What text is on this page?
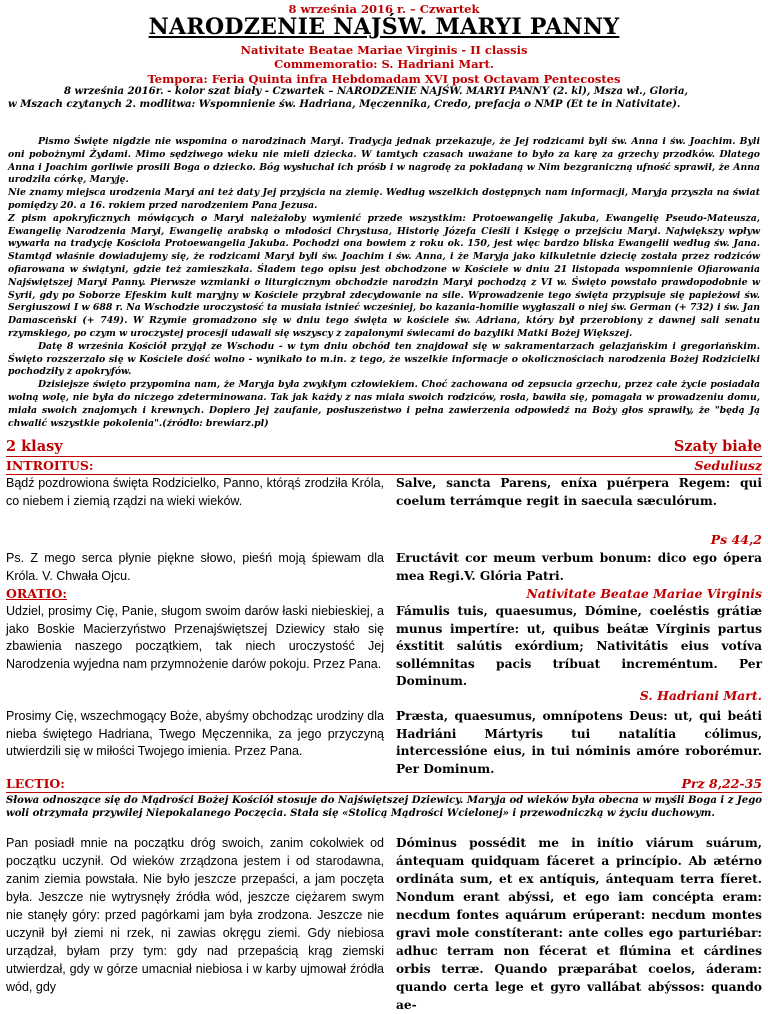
8 września 2016 r. – Czwartek
NARODZENIE NAJŚW. MARYI PANNY
Nativitate Beatae Mariae Virginis - II classis
Commemoratio: S. Hadriani Mart.
Tempora: Feria Quinta infra Hebdomadam XVI post Octavam Pentecostes

8 września 2016r. - kolor szat biały - Czwartek – NARODZENIE NAJŚW. MARYI PANNY (2. kl), Msza wł., Gloria,

w Mszach czytanych 2. modlitwa: Wspomnienie św. Hadriana, Męczennika, Credo, prefacja o NMP (Et te in Nativitate).

Pismo Święte nigdzie nie wspomina o narodzinach Maryi. Tradycja jednak przekazuje, że Jej rodzicami byli św. Anna i św. Joachim. Byli oni pobożnymi Żydami. Mimo sędziwego wieku nie mieli dziecka. W tamtych czasach uważane to było za karę za grzechy przodków. Dlatego Anna i Joachim gorliwie prosili Boga o dziecko. Bóg wysłuchał ich próśb i w nagrodę za pokładaną w Nim bezgraniczną ufność sprawił, że Anna urodziła córkę, Maryję.

Nie znamy miejsca urodzenia Maryi ani też daty Jej przyjścia na ziemię. Według wszelkich dostępnych nam informacji, Maryja przyszła na świat pomiędzy 20. a 16. rokiem przed narodzeniem Pana Jezusa.

Z pism apokryficznych mówiących o Maryi należałoby wymienić przede wszystkim: Protoewangelię Jakuba, Ewangelię Pseudo-Mateusza, Ewangelię Narodzenia Maryi, Ewangelię arabską o młodości Chrystusa, Historię Józefa Cieśli i Księgę o przejściu Maryi. Największy wpływ wywarła na tradycję Kościoła Protoewangelia Jakuba. Pochodzi ona bowiem z roku ok. 150, jest więc bardzo bliska Ewangelii według św. Jana. Stamtąd właśnie dowiadujemy się, że rodzicami Maryi byli św. Joachim i św. Anna, i że Maryja jako kilkuletnie dziecię została przez rodziców ofiarowana w świątyni, gdzie też zamieszkała. Śladem tego opisu jest obchodzone w Kościele w dniu 21 listopada wspomnienie Ofiarowania Najświętszej Maryi Panny. Pierwsze wzmianki o liturgicznym obchodzie narodzin Maryi pochodzą z VI w. Święto powstało prawdopodobnie w Syrii, gdy po Soborze Efeskim kult maryjny w Kościele przybrał zdecydowanie na sile. Wprowadzenie tego święta przypisuje się papieżowi św. Sergiuszowi I w 688 r. Na Wschodzie uroczystość ta musiała istnieć wcześniej, bo kazania-homilie wygłaszali o niej św. German (+ 732) i św. Jan Damasceński (+ 749). W Rzymie gromadzono się w dniu tego święta w kościele św. Adriana, który był przerobiony z dawnej sali senatu rzymskiego, po czym w uroczystej procesji udawali się wszyscy z zapalonymi świecami do bazyliki Matki Bożej Większej.

Datę 8 września Kościół przyjął ze Wschodu - w tym dniu obchód ten znajdował się w sakramentarzach gelazjańskim i gregoriańskim. Święto rozszerzało się w Kościele dość wolno - wynikało to m.in. z tego, że wszelkie informacje o okolicznościach narodzenia Bożej Rodzicielki pochodziły z apokryfów.

Dzisiejsze święto przypomina nam, że Maryja była zwykłym człowiekiem. Choć zachowana od zepsucia grzechu, przez całe życie posiadała wolną wolę, nie była do niczego zdeterminowana. Tak jak każdy z nas miała swoich rodziców, rosła, bawiła się, pomagała w prowadzeniu domu, miała swoich znajomych i krewnych. Dopiero Jej zaufanie, posłuszeństwo i pełna zawierzenia odpowiedź na Boży głos sprawiły, że "będą Ją chwalić wszystkie pokolenia".(źródło: brewiarz.pl)

2 klasy	Szaty białe
INTROITUS:	Seduliusz
Bądź pozdrowiona święta Rodzicielko, Panno, którąś zrodziła Króla, co niebem i ziemią rządzi na wieki wieków.
Salve, sancta Parens, eníxa puérpera Regem: qui coelum terrámque regit in saecula sæculórum.
Ps 44,2
Ps. Z mego serca płynie piękne słowo, pieśń moją śpiewam dla Króla. V. Chwała Ojcu.
Eructávit cor meum verbum bonum: dico ego ópera mea Regi.V. Glória Patri.
ORATIO:	Nativitate Beatae Mariae Virginis
Udziel, prosimy Cię, Panie, sługom swoim darów łaski niebieskiej, a jako Boskie Macierzyństwo Przenajświętszej Dziewicy stało się zbawienia naszego początkiem, tak niech uroczystość Jej Narodzenia wyjedna nam przymnożenie darów pokoju. Przez Pana.
Fámulis tuis, quaesumus, Dómine, coeléstis grátiæ munus impertíre: ut, quibus beátæ Vírginis partus éxstitit salútis exórdium; Nativitátis eius votíva sollémnitas pacis tríbuat increméntum. Per Dominum.
S. Hadriani Mart.
Prosimy Cię, wszechmogący Boże, abyśmy obchodząc urodziny dla nieba świętego Hadriana, Twego Męczennika, za jego przyczyną utwierdzili się w miłości Twojego imienia. Przez Pana.
Præsta, quaesumus, omnípotens Deus: ut, qui beáti Hadriáni Mártyris tui natalítia cólimus, intercessióne eius, in tui nóminis amóre roborémur. Per Dominum.
LECTIO:	Prz 8,22-35
Słowa odnoszące się do Mądrości Bożej Kościół stosuje do Najświętszej Dziewicy. Maryja od wieków była obecna w myśli Boga i z Jego woli otrzymała przywilej Niepokalanego Poczęcia. Stała się «Stolicą Mądrości Wcielonej» i przewodniczką w życiu duchowym.
Pan posiadł mnie na początku dróg swoich, zanim cokolwiek od początku uczynił. Od wieków zrządzona jestem i od starodawna, zanim ziemia powstała. Nie było jeszcze przepaści, a jam poczęta była. Jeszcze nie wytrysnęły źródła wód, jeszcze ciężarem swym nie stanęły góry: przed pagórkami jam była zrodzona. Jeszcze nie uczynił był ziemi ni rzek, ni zawias okręgu ziemi. Gdy niebiosa urządzał, byłam przy tym: gdy nad przepaścią krąg ziemski utwierdzał, gdy w górze umacniał niebiosa i w karby ujmował źródła wód, gdy
Dóminus possédit me in inítio viárum suárum, ántequam quidquam fáceret a princípio. Ab ætérno ordináta sum, et ex antíquis, ántequam terra fíeret. Nondum erant abýssi, et ego iam concépta eram: necdum fontes aquárum erúperant: necdum montes gravi mole constíterant: ante colles ego parturiébar: adhuc terram non fécerat et flúmina et cárdines orbis terræ. Quando præparábat coelos, áderam: quando certa lege et gyro vallábat abýssos: quando ae-
